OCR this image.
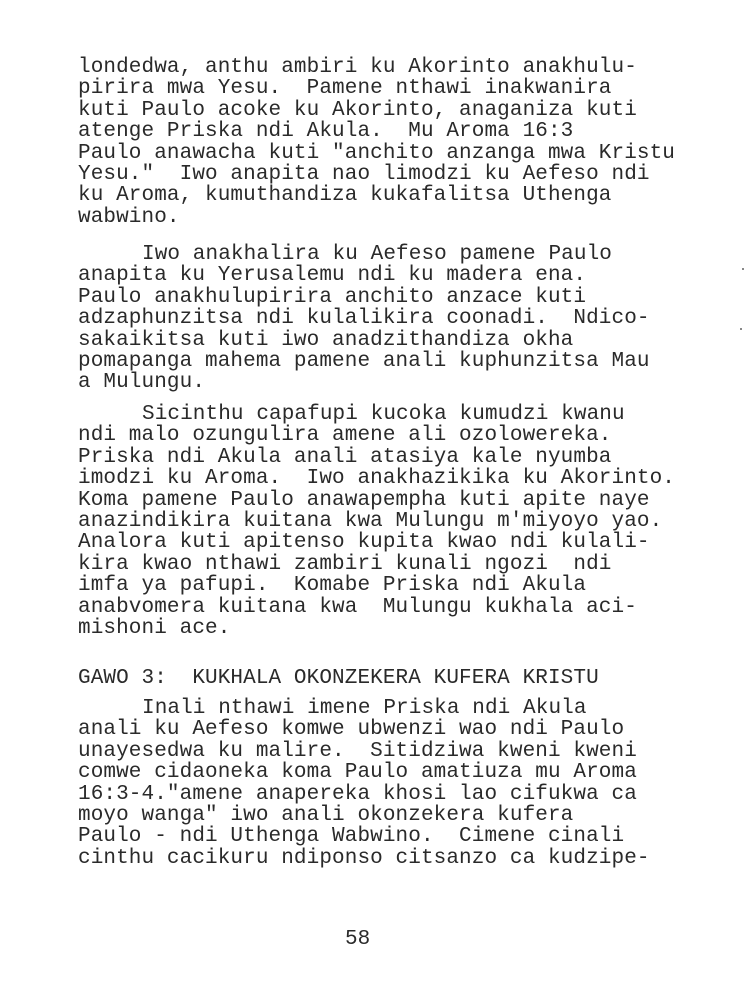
londedwa, anthu ambiri ku Akorinto anakhulu-
pirira mwa Yesu.  Pamene nthawi inakwanira
kuti Paulo acoke ku Akorinto, anaganiza kuti
atenge Priska ndi Akula.  Mu Aroma 16:3
Paulo anawacha kuti "anchito anzanga mwa Kristu
Yesu."  Iwo anapita nao limodzi ku Aefeso ndi
ku Aroma, kumuthandiza kukafalitsa Uthenga
wabwino.
Iwo anakhalira ku Aefeso pamene Paulo
anapita ku Yerusalemu ndi ku madera ena.
Paulo anakhulupirira anchito anzace kuti
adzaphunzitsa ndi kulalikira coonadi.  Ndico-
sakaikitsa kuti iwo anadzithandiza okha
pomapanga mahema pamene anali kuphunzitsa Mau
a Mulungu.
Sicinthu capafupi kucoka kumudzi kwanu
ndi malo ozungulira amene ali ozolowereka.
Priska ndi Akula anali atasiya kale nyumba
imodzi ku Aroma.  Iwo anakhazikika ku Akorinto.
Koma pamene Paulo anawapempha kuti apite naye
anazindikira kuitana kwa Mulungu m'miyoyo yao.
Analora kuti apitenso kupita kwao ndi kulali-
kira kwao nthawi zambiri kunali ngozi  ndi
imfa ya pafupi.  Komabe Priska ndi Akula
anabvomera kuitana kwa  Mulungu kukhala aci-
mishoni ace.
GAWO 3:  KUKHALA OKONZEKERA KUFERA KRISTU
Inali nthawi imene Priska ndi Akula
anali ku Aefeso komwe ubwenzi wao ndi Paulo
unayesedwa ku malire.  Sitidziwa kweni kweni
comwe cidaoneka koma Paulo amatiuza mu Aroma
16:3-4."amene anapereka khosi lao cifukwa ca
moyo wanga" iwo anali okonzekera kufera
Paulo - ndi Uthenga Wabwino.  Cimene cinali
cinthu cacikuru ndiponso citsanzo ca kudzipe-
58
